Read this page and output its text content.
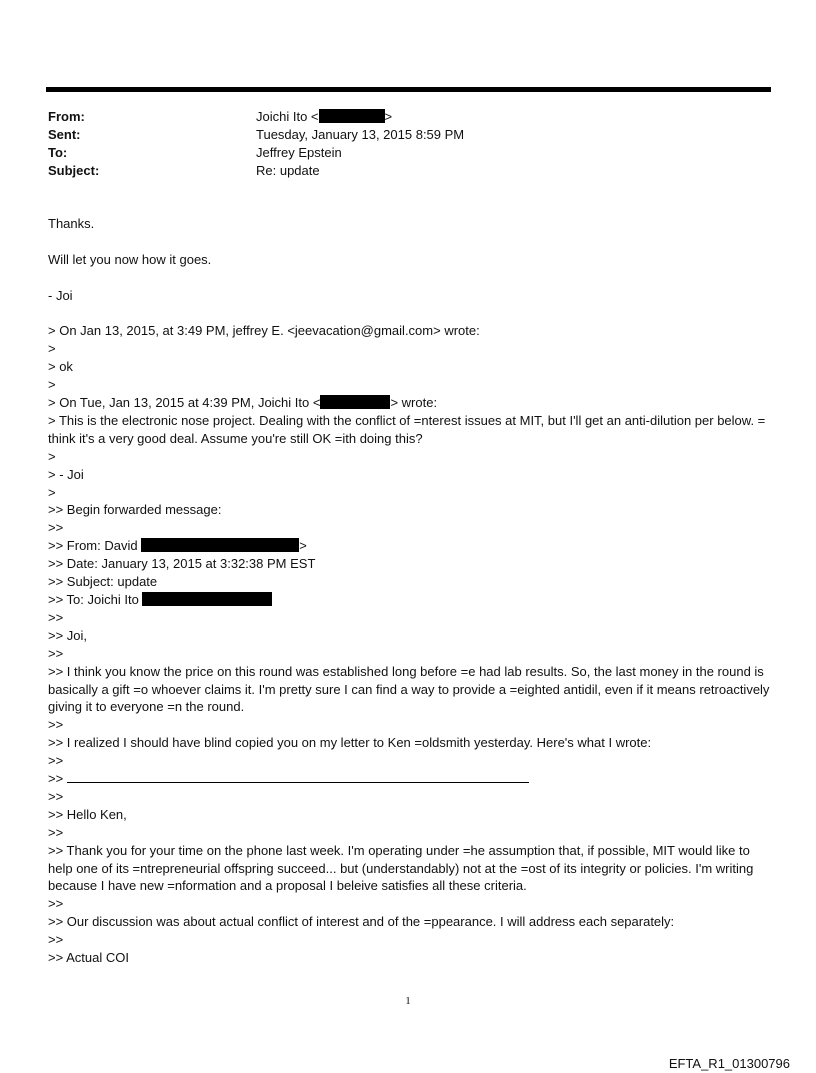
From:	Joichi Ito <	>
Sent:	Tuesday, January 13, 2015 8:59 PM
To:	Jeffrey Epstein
Subject:	Re: update
Thanks.
Will let you now how it goes.
- Joi
> On Jan 13, 2015, at 3:49 PM, jeffrey E. <jeevacation@gmail.com> wrote:
>
> ok
>
> On Tue, Jan 13, 2015 at 4:39 PM, Joichi Ito <	> wrote:
> This is the electronic nose project. Dealing with the conflict of =nterest issues at MIT, but I'll get an anti-dilution per below. = think it's a very good deal. Assume you're still OK =ith doing this?
>
> - Joi
>
>> Begin forwarded message:
>>
>> From: David	>
>> Date: January 13, 2015 at 3:32:38 PM EST
>> Subject: update
>> To: Joichi Ito
>>
>> Joi,
>>
>> I think you know the price on this round was established long before =e had lab results. So, the last money in the round is basically a gift =o whoever claims it. I'm pretty sure I can find a way to provide a =eighted antidil, even if it means retroactively giving it to everyone =n the round.
>>
>> I realized I should have blind copied you on my letter to Ken =oldsmith yesterday. Here's what I wrote:
>>
>>
>>
>> Hello Ken,
>>
>> Thank you for your time on the phone last week. I'm operating under =he assumption that, if possible, MIT would like to help one of its =ntrepreneurial offspring succeed... but (understandably) not at the =ost of its integrity or policies. I'm writing because I have new =nformation and a proposal I beleive satisfies all these criteria.
>>
>> Our discussion was about actual conflict of interest and of the =ppearance. I will address each separately:
>>
>> Actual COI
1
EFTA_R1_01300796
